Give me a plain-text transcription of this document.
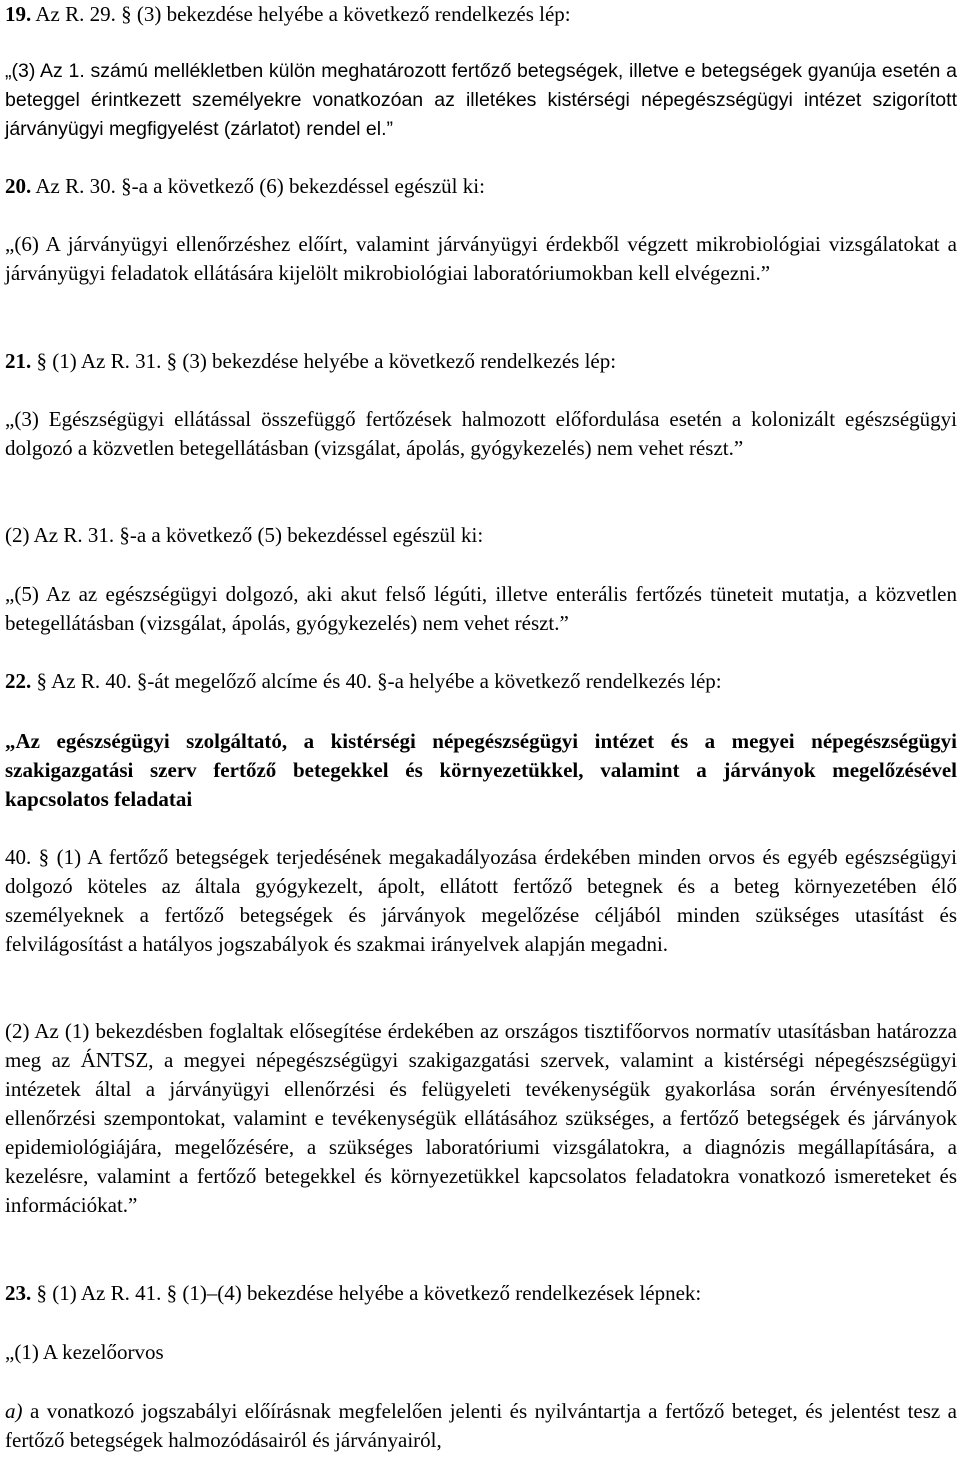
19. Az R. 29. § (3) bekezdése helyébe a következő rendelkezés lép:

„(3) Az 1. számú mellékletben külön meghatározott fertőző betegségek, illetve e betegségek gyanúja esetén a beteggel érintkezett személyekre vonatkozóan az illetékes kistérségi népegészségügyi intézet szigorított járványügyi megfigyelést (zárlatot) rendel el.”

20. Az R. 30. §-a a következő (6) bekezdéssel egészül ki:

„(6) A járványügyi ellenőrzéshez előírt, valamint járványügyi érdekből végzett mikrobiológiai vizsgálatokat a járványügyi feladatok ellátására kijelölt mikrobiológiai laboratóriumokban kell elvégezni.”

21. § (1) Az R. 31. § (3) bekezdése helyébe a következő rendelkezés lép:

„(3) Egészségügyi ellátással összefüggő fertőzések halmozott előfordulása esetén a kolonizált egészségügyi dolgozó a közvetlen betegellátásban (vizsgálat, ápolás, gyógykezelés) nem vehet részt.”

(2) Az R. 31. §-a a következő (5) bekezdéssel egészül ki:

„(5) Az az egészségügyi dolgozó, aki akut felső légúti, illetve enterális fertőzés tüneteit mutatja, a közvetlen betegellátásban (vizsgálat, ápolás, gyógykezelés) nem vehet részt.”

22. § Az R. 40. §-át megelőző alcíme és 40. §-a helyébe a következő rendelkezés lép:

„Az egészségügyi szolgáltató, a kistérségi népegészségügyi intézet és a megyei népegészségügyi szakigazgatási szerv fertőző betegekkel és környezetükkel, valamint a járványok megelőzésével kapcsolatos feladatai

40. § (1) A fertőző betegségek terjedésének megakadályozása érdekében minden orvos és egyéb egészségügyi dolgozó köteles az általa gyógykezelt, ápolt, ellátott fertőző betegnek és a beteg környezetében élő személyeknek a fertőző betegségek és járványok megelőzése céljából minden szükséges utasítást és felvilágosítást a hatályos jogszabályok és szakmai irányelvek alapján megadni.

(2) Az (1) bekezdésben foglaltak elősegítése érdekében az országos tisztifőorvos normatív utasításban határozza meg az ÁNTSZ, a megyei népegészségügyi szakigazgatási szervek, valamint a kistérségi népegészségügyi intézetek által a járványügyi ellenőrzési és felügyeleti tevékenységük gyakorlása során érvényesítendő ellenőrzési szempontokat, valamint e tevékenységük ellátásához szükséges, a fertőző betegségek és járványok epidemiológiájára, megelőzésére, a szükséges laboratóriumi vizsgálatokra, a diagnózis megállapítására, a kezelésre, valamint a fertőző betegekkel és környezetükkel kapcsolatos feladatokra vonatkozó ismereteket és információkat.”

23. § (1) Az R. 41. § (1)–(4) bekezdése helyébe a következő rendelkezések lépnek:

„(1) A kezelőorvos

a) a vonatkozó jogszabályi előírásnak megfelelően jelenti és nyilvántartja a fertőző beteget, és jelentést tesz a fertőző betegségek halmozódásairól és járványairól,
